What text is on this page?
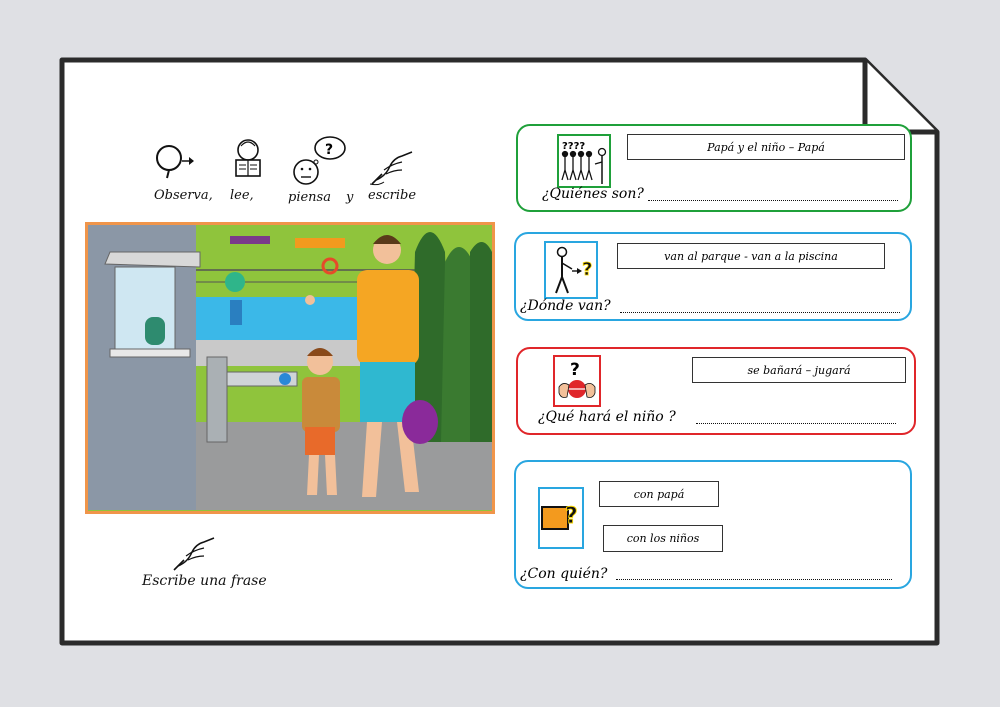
?
Observa, lee,	piensa y escribe
Escribe una frase
????	Papá y el niño – Papá
¿Quiénes son?
?
van al parque - van a la piscina
¿Dónde van?
?	se bañará – jugará
¿Qué hará el niño ?
?
con papá
con los niños
¿Con quién?
